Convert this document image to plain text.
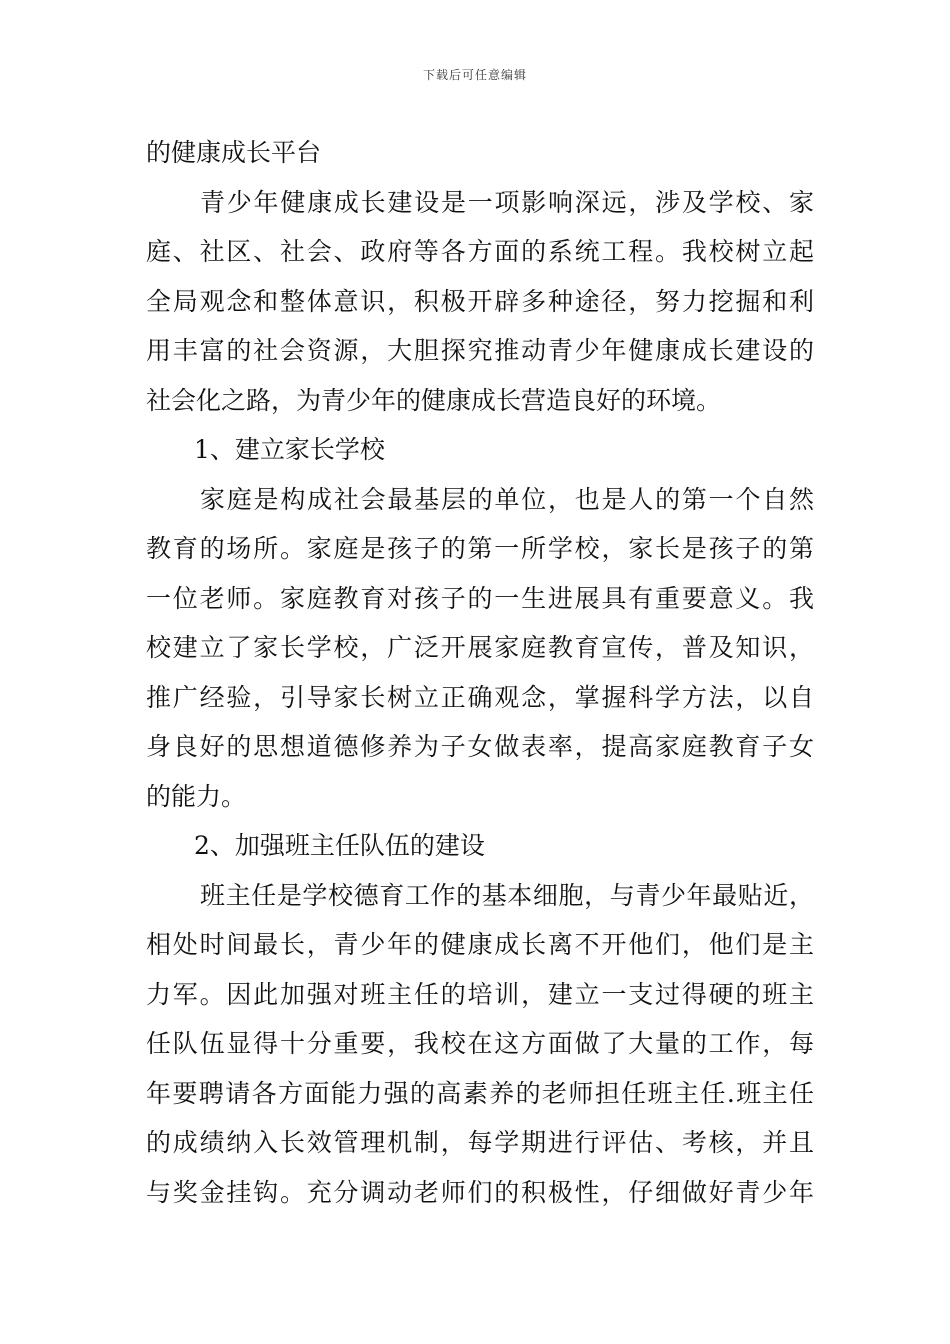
下载后可任意编辑
的健康成长平台
青少年健康成长建设是一项影响深远，涉及学校、家
庭、社区、社会、政府等各方面的系统工程。我校树立起
全局观念和整体意识，积极开辟多种途径，努力挖掘和利
用丰富的社会资源，大胆探究推动青少年健康成长建设的
社会化之路，为青少年的健康成长营造良好的环境。
1、建立家长学校
家庭是构成社会最基层的单位，也是人的第一个自然
教育的场所。家庭是孩子的第一所学校，家长是孩子的第
一位老师。家庭教育对孩子的一生进展具有重要意义。我
校建立了家长学校，广泛开展家庭教育宣传，普及知识，
推广经验，引导家长树立正确观念，掌握科学方法，以自
身良好的思想道德修养为子女做表率，提高家庭教育子女
的能力。
2、加强班主任队伍的建设
班主任是学校德育工作的基本细胞，与青少年最贴近，
相处时间最长，青少年的健康成长离不开他们，他们是主
力军。因此加强对班主任的培训，建立一支过得硬的班主
任队伍显得十分重要，我校在这方面做了大量的工作，每
年要聘请各方面能力强的高素养的老师担任班主任.班主任
的成绩纳入长效管理机制，每学期进行评估、考核，并且
与奖金挂钩。充分调动老师们的积极性，仔细做好青少年
